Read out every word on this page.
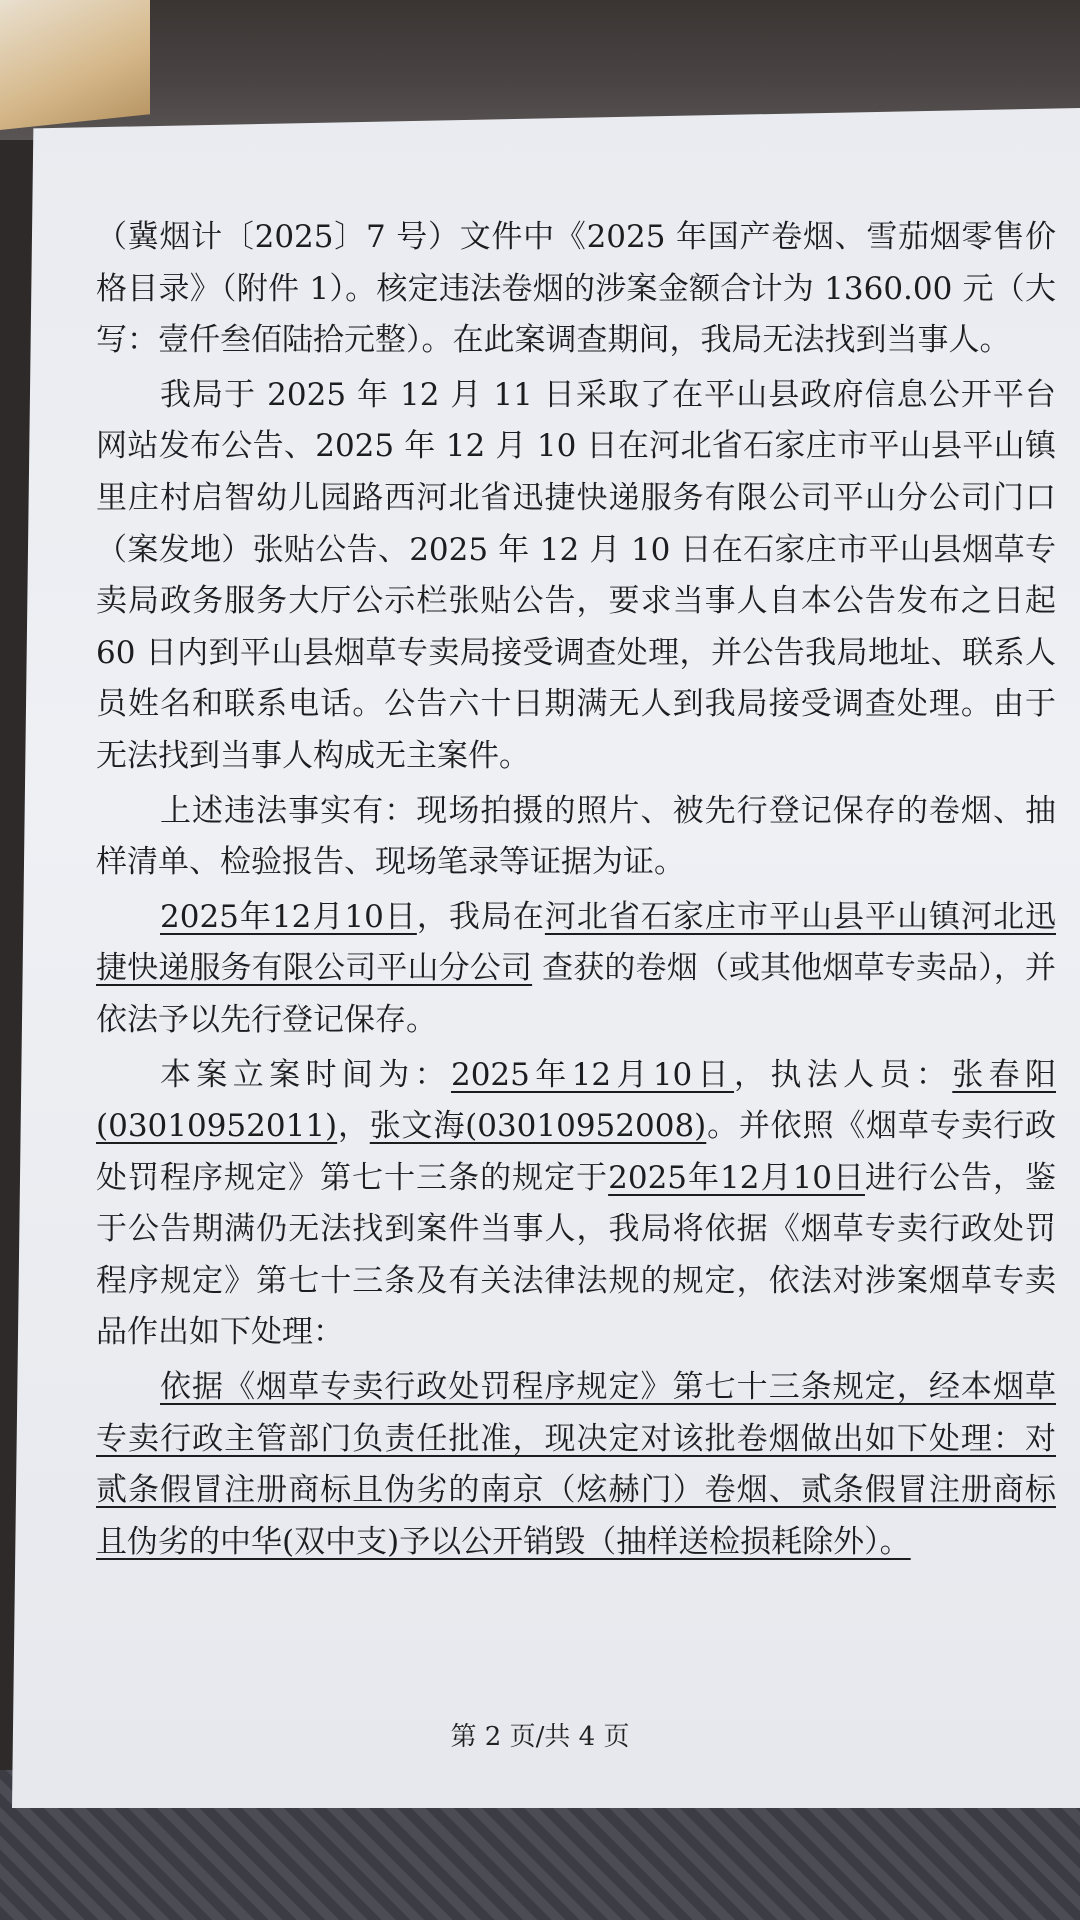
（冀烟计〔2025〕7 号）文件中《2025 年国产卷烟、雪茄烟零售价格目录》（附件 1）。核定违法卷烟的涉案金额合计为 1360.00 元（大写：壹仟叁佰陆拾元整）。在此案调查期间，我局无法找到当事人。

我局于 2025 年 12 月 11 日采取了在平山县政府信息公开平台网站发布公告、2025 年 12 月 10 日在河北省石家庄市平山县平山镇里庄村启智幼儿园路西河北省迅捷快递服务有限公司平山分公司门口（案发地）张贴公告、2025 年 12 月 10 日在石家庄市平山县烟草专卖局政务服务大厅公示栏张贴公告，要求当事人自本公告发布之日起 60 日内到平山县烟草专卖局接受调查处理，并公告我局地址、联系人员姓名和联系电话。公告六十日期满无人到我局接受调查处理。由于无法找到当事人构成无主案件。

上述违法事实有：现场拍摄的照片、被先行登记保存的卷烟、抽样清单、检验报告、现场笔录等证据为证。

2025年12月10日，我局在河北省石家庄市平山县平山镇河北迅捷快递服务有限公司平山分公司 查获的卷烟（或其他烟草专卖品），并依法予以先行登记保存。

本案立案时间为：2025年12月10日，执法人员：张春阳(03010952011)，张文海(03010952008)。并依照《烟草专卖行政处罚程序规定》第七十三条的规定于2025年12月10日进行公告，鉴于公告期满仍无法找到案件当事人，我局将依据《烟草专卖行政处罚程序规定》第七十三条及有关法律法规的规定，依法对涉案烟草专卖品作出如下处理：

依据《烟草专卖行政处罚程序规定》第七十三条规定，经本烟草专卖行政主管部门负责任批准，现决定对该批卷烟做出如下处理：对贰条假冒注册商标且伪劣的南京（炫赫门）卷烟、贰条假冒注册商标且伪劣的中华(双中支)予以公开销毁（抽样送检损耗除外）。

第 2 页/共 4 页
